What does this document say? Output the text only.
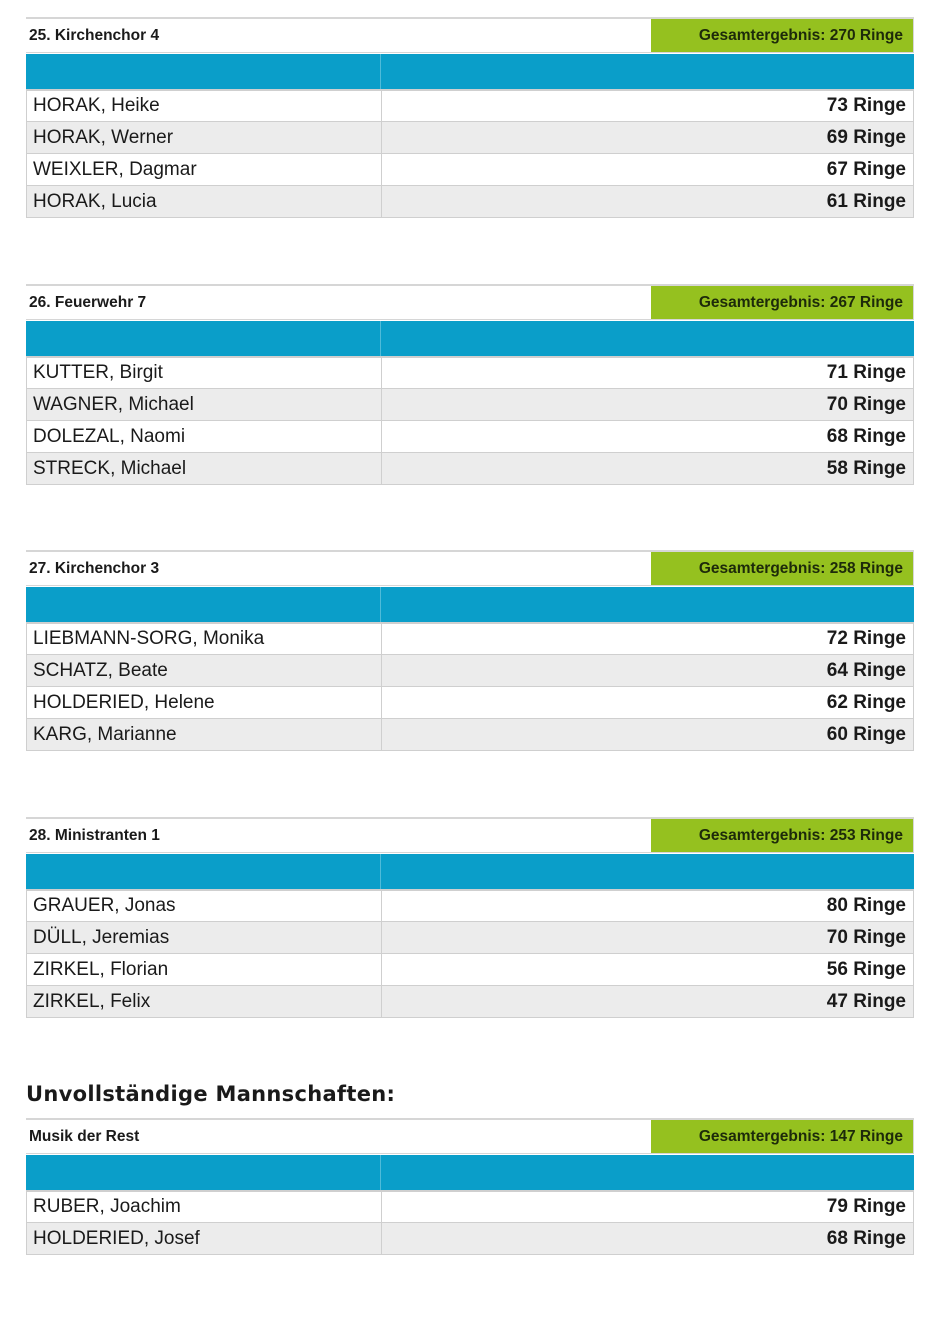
25. Kirchenchor 4	Gesamtergebnis: 270 Ringe
HORAK, Heike	73 Ringe
HORAK, Werner	69 Ringe
WEIXLER, Dagmar	67 Ringe
HORAK, Lucia	61 Ringe
26. Feuerwehr 7	Gesamtergebnis: 267 Ringe
KUTTER, Birgit	71 Ringe
WAGNER, Michael	70 Ringe
DOLEZAL, Naomi	68 Ringe
STRECK, Michael	58 Ringe
27. Kirchenchor 3	Gesamtergebnis: 258 Ringe
LIEBMANN-SORG, Monika	72 Ringe
SCHATZ, Beate	64 Ringe
HOLDERIED, Helene	62 Ringe
KARG, Marianne	60 Ringe
28. Ministranten 1	Gesamtergebnis: 253 Ringe
GRAUER, Jonas	80 Ringe
DÜLL, Jeremias	70 Ringe
ZIRKEL, Florian	56 Ringe
ZIRKEL, Felix	47 Ringe
Unvollständige Mannschaften:
Musik der Rest	Gesamtergebnis: 147 Ringe
RUBER, Joachim	79 Ringe
HOLDERIED, Josef	68 Ringe
